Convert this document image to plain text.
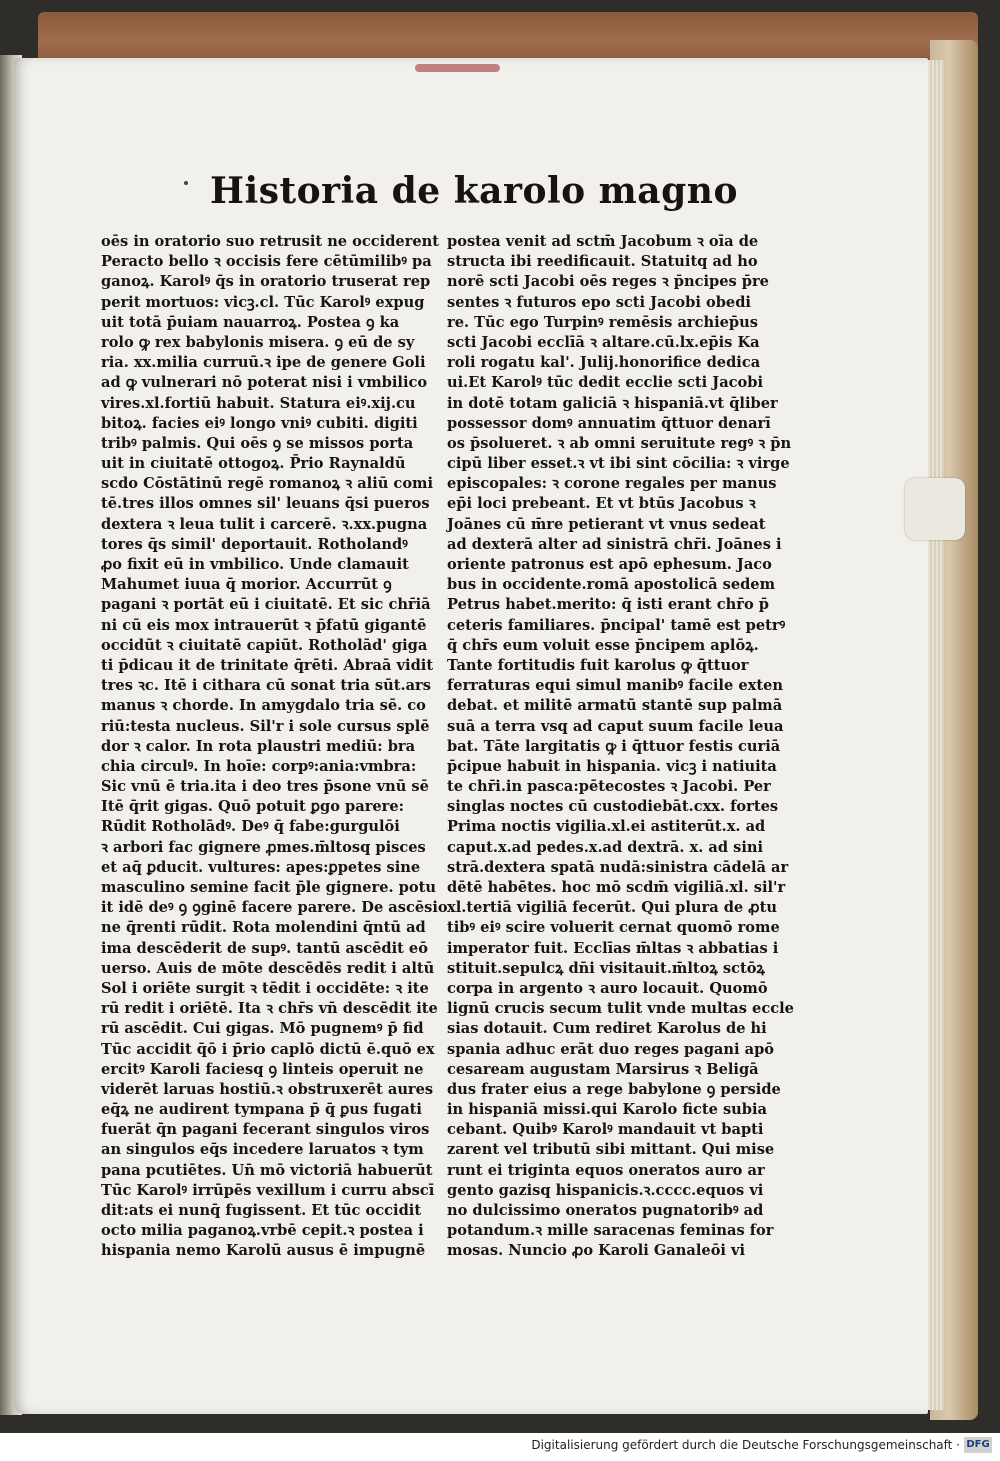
Historia de karolo magno
oēs in oratorio suo retrusit ne occiderent
Peracto bello ꝛ occisis fere cētūmilibꝰ pa
ganoꝝ. Karolꝰ q̄s in oratorio truserat rep
perit mortuos: vicꝫ.cl. Tūc Karolꝰ expug
uit totā p̄uiam nauarroꝝ. Postea ꝯ ka
rolo ꝙ rex babylonis misera. ꝯ eū de sy
ria. xx.milia curruū.ꝛ ipe de genere Goli
ad ꝙ vulnerari nō poterat nisi i vmbilico
vires.xl.fortiū habuit. Statura eiꝰ.xij.cu
bitoꝝ. facies eiꝰ longo vniꝰ cubiti. digiti
tribꝰ palmis. Qui oēs ꝯ se missos porta
uit in ciuitatē ottogoꝝ. P̄rio Raynaldū
scdo Cōstātinū regē romanoꝝ ꝛ aliū comi
tē.tres illos omnes sil' leuans q̄si pueros
dextera ꝛ leua tulit i carcerē. ꝛ.xx.pugna
tores q̄s simil' deportauit. Rotholandꝰ
ꝓo fixit eū in vmbilico. Unde clamauit
Mahumet iuua q̄ morior. Accurrūt ꝯ
pagani ꝛ portāt eū i ciuitatē. Et sic chr̄iā
ni cū eis mox intrauerūt ꝛ p̄fatū gigantē
occidūt ꝛ ciuitatē capiūt. Rotholād' giga
ti p̄dicau it de trinitate q̄rēti. Abraā vidit
tres ꝛc. Itē i cithara cū sonat tria sūt.ars
manus ꝛ chorde. In amygdalo tria sē. co
riū:testa nucleus. Sil'r i sole cursus splē
dor ꝛ calor. In rota plaustri mediū: bra
chia circulꝰ. In hoīe: corpꝰ:ania:vmbra:
Sic vnū ē tria.ita i deo tres p̄sone vnū sē
Itē q̄rit gigas. Quō potuit ꝑgo parere:
Rūdit Rotholādꝰ. Deꝰ q̄ fabe:gurgulōi
ꝛ arbori fac gignere ꝓmes.m̄ltosq pisces
et aq̄ ꝑducit. vultures: apes:ꝑpetes sine
masculino semine facit p̄le gignere. potu
it idē deꝰ ꝯ ꝯginē facere parere. De ascēsio
ne q̄renti rūdit. Rota molendini q̄ntū ad
ima descēderit de supꝰ. tantū ascēdit eō
uerso. Auis de mōte descēdēs redit i altū
Sol i oriēte surgit ꝛ tēdit i occidēte: ꝛ ite
rū redit i oriētē. Ita ꝛ chr̄s vn̄ descēdit ite
rū ascēdit. Cui gigas. Mō pugnemꝰ p̄ fid
Tūc accidit q̄ō i p̄rio caplō dictū ē.quō ex
ercitꝰ Karoli faciesq ꝯ linteis operuit ne
viderēt laruas hostiū.ꝛ obstruxerēt aures
eq̄ꝝ ne audirent tympana p̄ q̄ ꝑus fugati
fuerāt q̄n pagani fecerant singulos viros
an singulos eq̄s incedere laruatos ꝛ tym
pana pcutiētes. Un̄ mō victoriā habuerūt
Tūc Karolꝰ irrūpēs vexillum i curru abscī
dit:ats ei nunq̄ fugissent. Et tūc occidit
octo milia paganoꝝ.vrbē cepit.ꝛ postea i
hispania nemo Karolū ausus ē impugnē
postea venit ad sctm̄ Jacobum ꝛ oīa de
structa ibi reedificauit. Statuitq ad ho
norē scti Jacobi oēs reges ꝛ p̄ncipes p̄re
sentes ꝛ futuros epo scti Jacobi obedi
re. Tūc ego Turpinꝰ remēsis archiep̄us
scti Jacobi ecclīā ꝛ altare.cū.lx.ep̄is Ka
roli rogatu kal'. Julij.honorifice dedica
ui.Et Karolꝰ tūc dedit ecclie scti Jacobi
in dotē totam galiciā ꝛ hispaniā.vt q̄liber
possessor domꝰ annuatim q̄ttuor denarī
os p̄solueret. ꝛ ab omni seruitute regꝰ ꝛ p̄n
cipū liber esset.ꝛ vt ibi sint cōcilia: ꝛ virge
episcopales: ꝛ corone regales per manus
ep̄i loci prebeant. Et vt btūs Jacobus ꝛ
Joānes cū m̄re petierant vt vnus sedeat
ad dexterā alter ad sinistrā chr̄i. Joānes i
oriente patronus est apō ephesum. Jaco
bus in occidente.romā apostolicā sedem
Petrus habet.merito: q̄ isti erant chr̄o p̄
ceteris familiares. p̄ncipal' tamē est petrꝰ
q̄ chr̄s eum voluit esse p̄ncipem aplōꝝ.
Tante fortitudis fuit karolus ꝙ q̄ttuor
ferraturas equi simul manibꝰ facile exten
debat. et militē armatū stantē sup palmā
suā a terra vsq ad caput suum facile leua
bat. Tāte largitatis ꝙ i q̄ttuor festis curiā
p̄cipue habuit in hispania. vicꝫ i natiuita
te chr̄i.in pasca:pētecostes ꝛ Jacobi. Per
singlas noctes cū custodiebāt.cxx. fortes
Prima noctis vigilia.xl.ei astiterūt.x. ad
caput.x.ad pedes.x.ad dextrā. x. ad sini
strā.dextera spatā nudā:sinistra cādelā ar
dētē habētes. hoc mō scdm̄ vigiliā.xl. sil'r
xl.tertiā vigiliā fecerūt. Qui plura de ꝓtu
tibꝰ eiꝰ scire voluerit cernat quomō rome
imperator fuit. Ecclīas m̄ltas ꝛ abbatias i
stituit.sepulcꝝ dn̄i visitauit.m̄ltoꝝ sctōꝝ
corpa in argento ꝛ auro locauit. Quomō
lignū crucis secum tulit vnde multas eccle
sias dotauit. Cum rediret Karolus de hi
spania adhuc erāt duo reges pagani apō
cesaream augustam Marsirus ꝛ Beligā
dus frater eius a rege babylone ꝯ perside
in hispaniā missi.qui Karolo ficte subia
cebant. Quibꝰ Karolꝰ mandauit vt bapti
zarent vel tributū sibi mittant. Qui mise
runt ei triginta equos oneratos auro ar
gento gazisq hispanicis.ꝛ.cccc.equos vi
no dulcissimo oneratos pugnatoribꝰ ad
potandum.ꝛ mille saracenas feminas for
mosas. Nuncio ꝓo Karoli Ganaleōi vi
Digitalisierung gefördert durch die Deutsche Forschungsgemeinschaft · DFG
